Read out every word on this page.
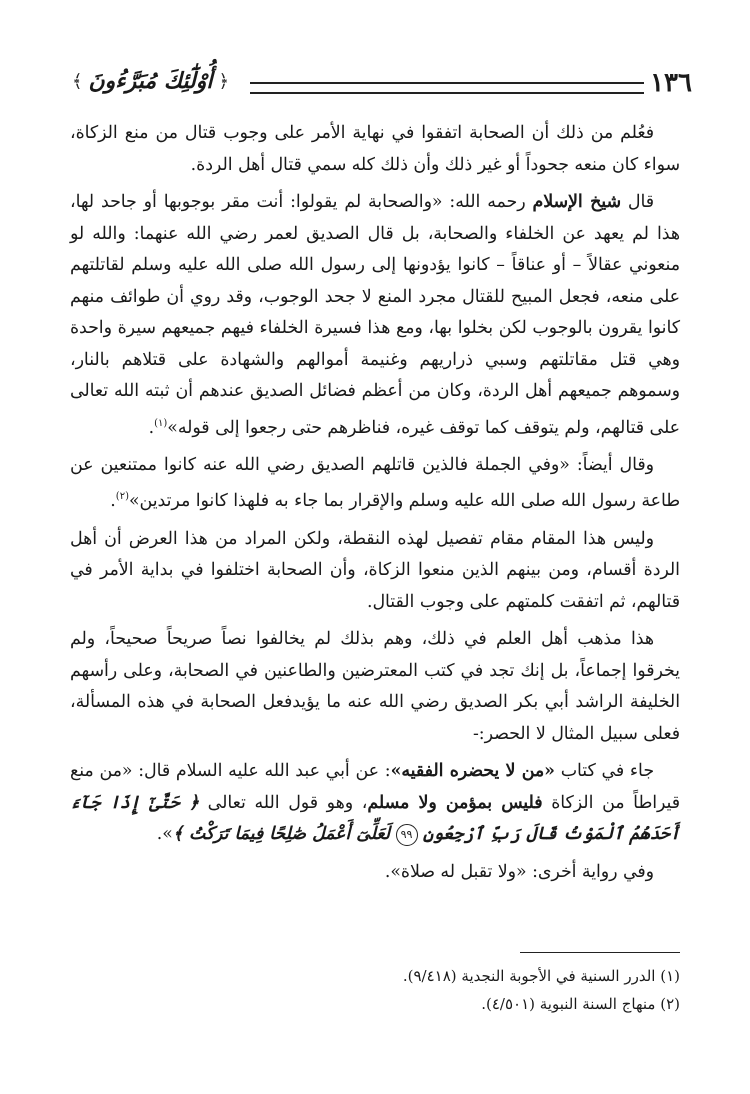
١٣٦
﴿
أُوْلَٰٓئِكَ مُبَرَّءُونَ
﴾

فعُلم من ذلك أن الصحابة اتفقوا في نهاية الأمر على وجوب قتال من منع الزكاة، سواء كان منعه جحوداً أو غير ذلك وأن ذلك كله سمي قتال أهل الردة.

قال شيخ الإسلام رحمه الله: «والصحابة لم يقولوا: أنت مقر بوجوبها أو جاحد لها، هذا لم يعهد عن الخلفاء والصحابة، بل قال الصديق لعمر رضي الله عنهما: والله لو منعوني عقالاً – أو عناقاً – كانوا يؤدونها إلى رسول الله صلى الله عليه وسلم لقاتلتهم على منعه، فجعل المبيح للقتال مجرد المنع لا جحد الوجوب، وقد روي أن طوائف منهم كانوا يقرون بالوجوب لكن بخلوا بها، ومع هذا فسيرة الخلفاء فيهم جميعهم سيرة واحدة وهي قتل مقاتلتهم وسبي ذراريهم وغنيمة أموالهم والشهادة على قتلاهم بالنار، وسموهم جميعهم أهل الردة، وكان من أعظم فضائل الصديق عندهم أن ثبته الله تعالى على قتالهم، ولم يتوقف كما توقف غيره، فناظرهم حتى رجعوا إلى قوله»$^{(١)}$.

وقال أيضاً: «وفي الجملة فالذين قاتلهم الصديق رضي الله عنه كانوا ممتنعين عن طاعة رسول الله صلى الله عليه وسلم والإقرار بما جاء به فلهذا كانوا مرتدين»$^{(٢)}$.

وليس هذا المقام مقام تفصيل لهذه النقطة، ولكن المراد من هذا العرض أن أهل الردة أقسام، ومن بينهم الذين منعوا الزكاة، وأن الصحابة اختلفوا في بداية الأمر في قتالهم، ثم اتفقت كلمتهم على وجوب القتال.

هذا مذهب أهل العلم في ذلك، وهم بذلك لم يخالفوا نصاً صريحاً صحيحاً، ولم يخرقوا إجماعاً، بل إنك تجد في كتب المعترضين والطاعنين في الصحابة، وعلى رأسهم الخليفة الراشد أبي بكر الصديق رضي الله عنه ما يؤيدفعل الصحابة في هذه المسألة، فعلى سبيل المثال لا الحصر:-

جاء في كتاب «من لا يحضره الفقيه»: عن أبي عبد الله عليه السلام قال: «من منع قيراطاً من الزكاة فليس بمؤمن ولا مسلم، وهو قول الله تعالى ﴿ حَتَّىٰٓ إِذَا جَآءَ أَحَدَهُمُ ٱلْمَوْتُ قَالَ رَبِّ ٱرْجِعُونِ ٩٩ لَعَلِّىٓ أَعْمَلُ صَٰلِحًا فِيمَا تَرَكْتُ ﴾».

وفي رواية أخرى: «ولا تقبل له صلاة».

(١) الدرر السنية في الأجوبة النجدية (٩/٤١٨).
(٢) منهاج السنة النبوية (٤/٥٠١).
